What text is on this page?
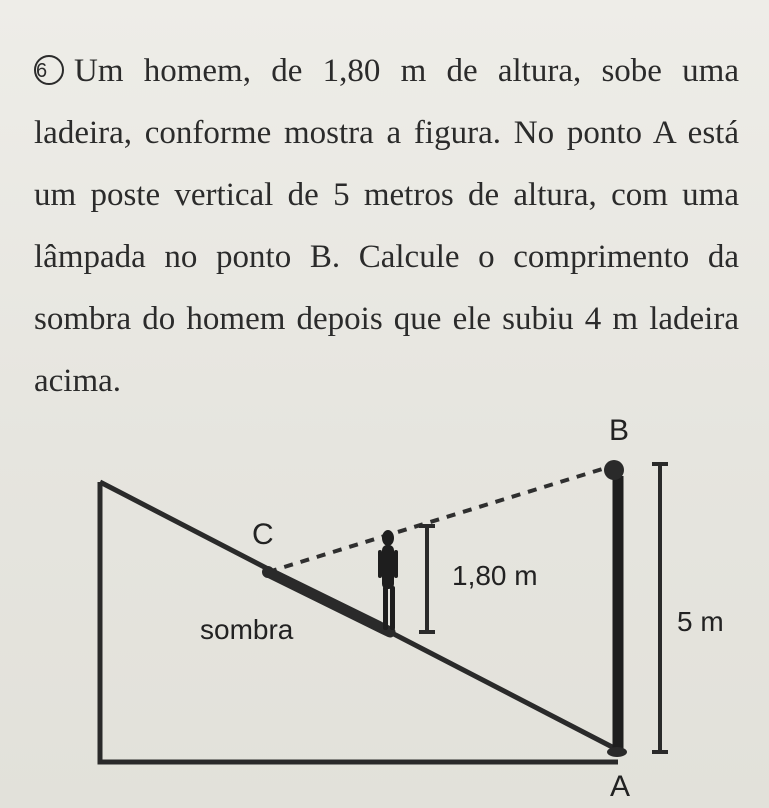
6 Um homem, de 1,80 m de altura, sobe uma
ladeira, conforme mostra a figura. No ponto A está
um poste vertical de 5 metros de altura, com uma
lâmpada no ponto B. Calcule o comprimento da
sombra do homem depois que ele subiu 4 m ladeira
acima.
B
C
1,80 m
sombra	5 m
A
